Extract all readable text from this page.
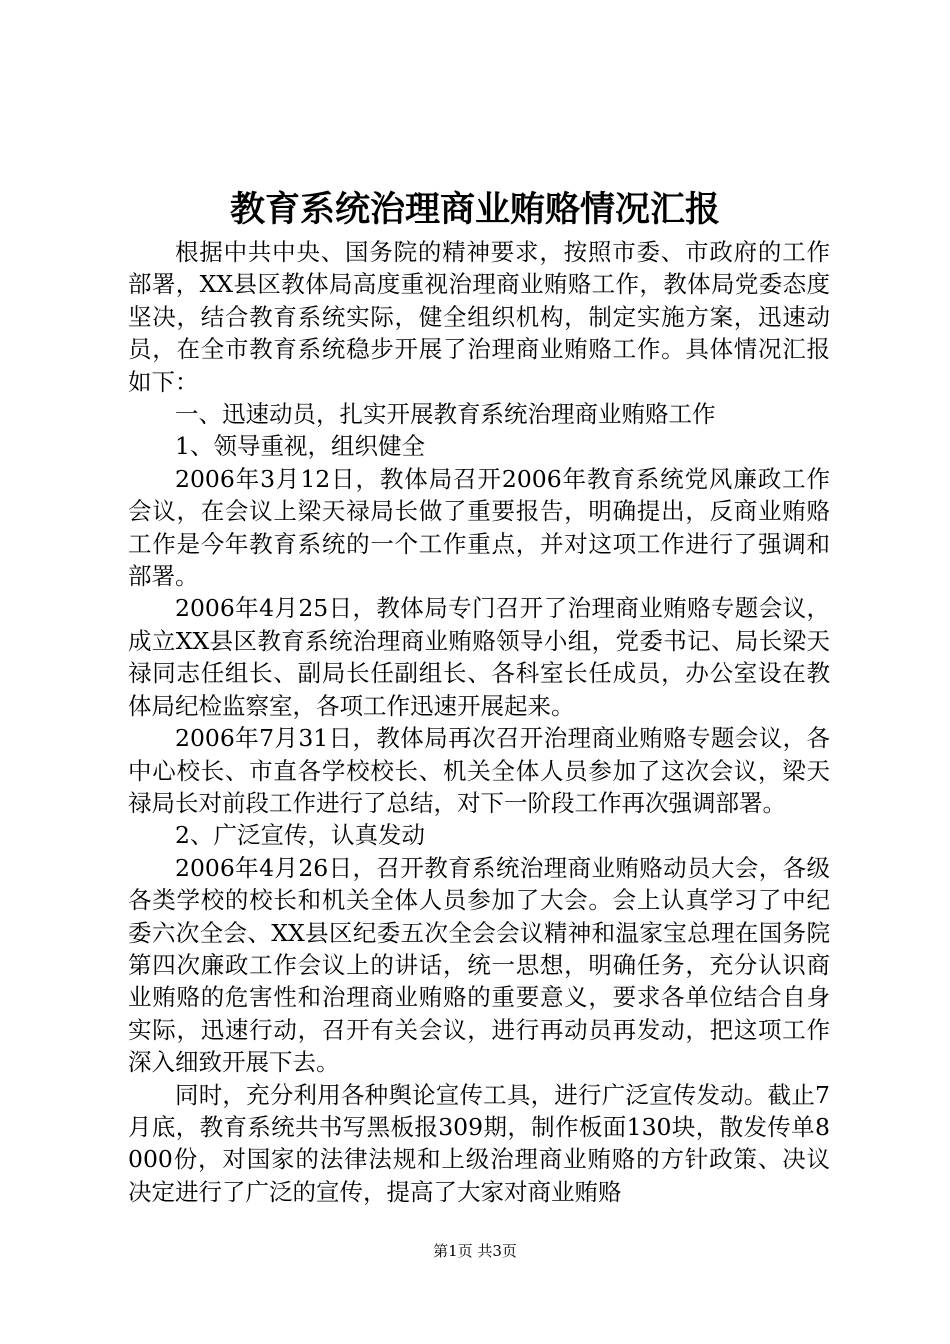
教育系统治理商业贿赂情况汇报

根据中共中央、国务院的精神要求，按照市委、市政府的工作部署，XX县区教体局高度重视治理商业贿赂工作，教体局党委态度坚决，结合教育系统实际，健全组织机构，制定实施方案，迅速动员，在全市教育系统稳步开展了治理商业贿赂工作。具体情况汇报如下：

一、迅速动员，扎实开展教育系统治理商业贿赂工作

1、领导重视，组织健全

2006年3月12日，教体局召开2006年教育系统党风廉政工作会议，在会议上梁天禄局长做了重要报告，明确提出，反商业贿赂工作是今年教育系统的一个工作重点，并对这项工作进行了强调和部署。

2006年4月25日，教体局专门召开了治理商业贿赂专题会议，成立XX县区教育系统治理商业贿赂领导小组，党委书记、局长梁天禄同志任组长、副局长任副组长、各科室长任成员，办公室设在教体局纪检监察室，各项工作迅速开展起来。

2006年7月31日，教体局再次召开治理商业贿赂专题会议，各中心校长、市直各学校校长、机关全体人员参加了这次会议，梁天禄局长对前段工作进行了总结，对下一阶段工作再次强调部署。

2、广泛宣传，认真发动

2006年4月26日，召开教育系统治理商业贿赂动员大会，各级各类学校的校长和机关全体人员参加了大会。会上认真学习了中纪委六次全会、XX县区纪委五次全会会议精神和温家宝总理在国务院第四次廉政工作会议上的讲话，统一思想，明确任务，充分认识商业贿赂的危害性和治理商业贿赂的重要意义，要求各单位结合自身实际，迅速行动，召开有关会议，进行再动员再发动，把这项工作深入细致开展下去。

同时，充分利用各种舆论宣传工具，进行广泛宣传发动。截止7月底，教育系统共书写黑板报309期，制作板面130块，散发传单8000份，对国家的法律法规和上级治理商业贿赂的方针政策、决议决定进行了广泛的宣传，提高了大家对商业贿赂

第1页 共3页
